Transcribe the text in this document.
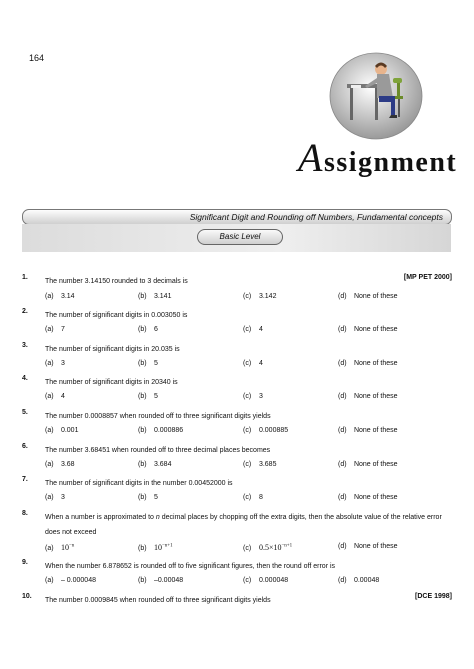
164
Assignment
Significant Digit and Rounding off Numbers, Fundamental concepts
Basic Level
1.
The number 3.14150 rounded to 3 decimals is
[MP PET 2000]
(a) 3.14	(b) 3.141	(c) 3.142	(d) None of these
2.
The number of significant digits in 0.003050 is
(a) 7	(b) 6	(c) 4	(d) None of these
3.
The number of significant digits in 20.035 is
(a) 3	(b) 5	(c) 4	(d) None of these
4.
The number of significant digits in 20340 is
(a) 4	(b) 5	(c) 3	(d) None of these
5.
The number 0.0008857 when rounded off to three significant digits yields
(a) 0.001	(b) 0.000886	(c) 0.000885	(d) None of these
6.
The number 3.68451 when rounded off to three decimal places becomes
(a) 3.68	(b) 3.684	(c) 3.685	(d) None of these
7.
The number of significant digits in the number 0.00452000 is
(a) 3	(b) 5	(c) 8	(d) None of these
8.
When a number is approximated to n decimal places by chopping off the extra digits, then the absolute value of the relative error does not exceed
(a) $10^{-n}$	(b) $10^{-n+1}$	(c) $0.5\times 10^{-n+1}$	(d) None of these
9.
When the number 6.878652 is rounded off to five significant figures, then the round off error is
(a) – 0.000048	(b) –0.00048	(c) 0.000048	(d) 0.00048
10.
The number 0.0009845 when rounded off to three significant digits yields
[DCE 1998]
